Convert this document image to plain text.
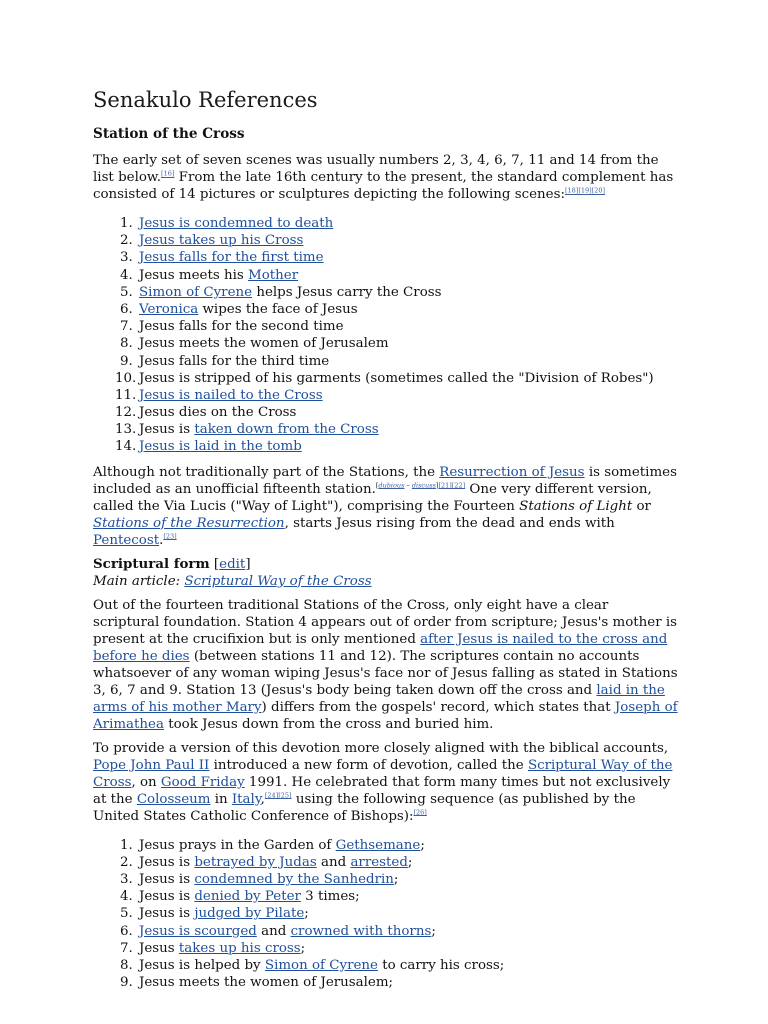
Senakulo References
Station of the Cross

The early set of seven scenes was usually numbers 2, 3, 4, 6, 7, 11 and 14 from the list below.[16] From the late 16th century to the present, the standard complement has consisted of 14 pictures or sculptures depicting the following scenes:[18][19][20]

1. Jesus is condemned to death
2. Jesus takes up his Cross
3. Jesus falls for the first time
4. Jesus meets his Mother
5. Simon of Cyrene helps Jesus carry the Cross
6. Veronica wipes the face of Jesus
7. Jesus falls for the second time
8. Jesus meets the women of Jerusalem
9. Jesus falls for the third time
10. Jesus is stripped of his garments (sometimes called the "Division of Robes")
11. Jesus is nailed to the Cross
12. Jesus dies on the Cross
13. Jesus is taken down from the Cross
14. Jesus is laid in the tomb

Although not traditionally part of the Stations, the Resurrection of Jesus is sometimes included as an unofficial fifteenth station.[dubious – discuss][21][22] One very different version, called the Via Lucis ("Way of Light"), comprising the Fourteen Stations of Light or Stations of the Resurrection, starts Jesus rising from the dead and ends with Pentecost.[23]

Scriptural form [edit]
Main article: Scriptural Way of the Cross

Out of the fourteen traditional Stations of the Cross, only eight have a clear scriptural foundation. Station 4 appears out of order from scripture; Jesus's mother is present at the crucifixion but is only mentioned after Jesus is nailed to the cross and before he dies (between stations 11 and 12). The scriptures contain no accounts whatsoever of any woman wiping Jesus's face nor of Jesus falling as stated in Stations 3, 6, 7 and 9. Station 13 (Jesus's body being taken down off the cross and laid in the arms of his mother Mary) differs from the gospels' record, which states that Joseph of Arimathea took Jesus down from the cross and buried him.

To provide a version of this devotion more closely aligned with the biblical accounts, Pope John Paul II introduced a new form of devotion, called the Scriptural Way of the Cross, on Good Friday 1991. He celebrated that form many times but not exclusively at the Colosseum in Italy,[24][25] using the following sequence (as published by the United States Catholic Conference of Bishops):[26]

1. Jesus prays in the Garden of Gethsemane;
2. Jesus is betrayed by Judas and arrested;
3. Jesus is condemned by the Sanhedrin;
4. Jesus is denied by Peter 3 times;
5. Jesus is judged by Pilate;
6. Jesus is scourged and crowned with thorns;
7. Jesus takes up his cross;
8. Jesus is helped by Simon of Cyrene to carry his cross;
9. Jesus meets the women of Jerusalem;
